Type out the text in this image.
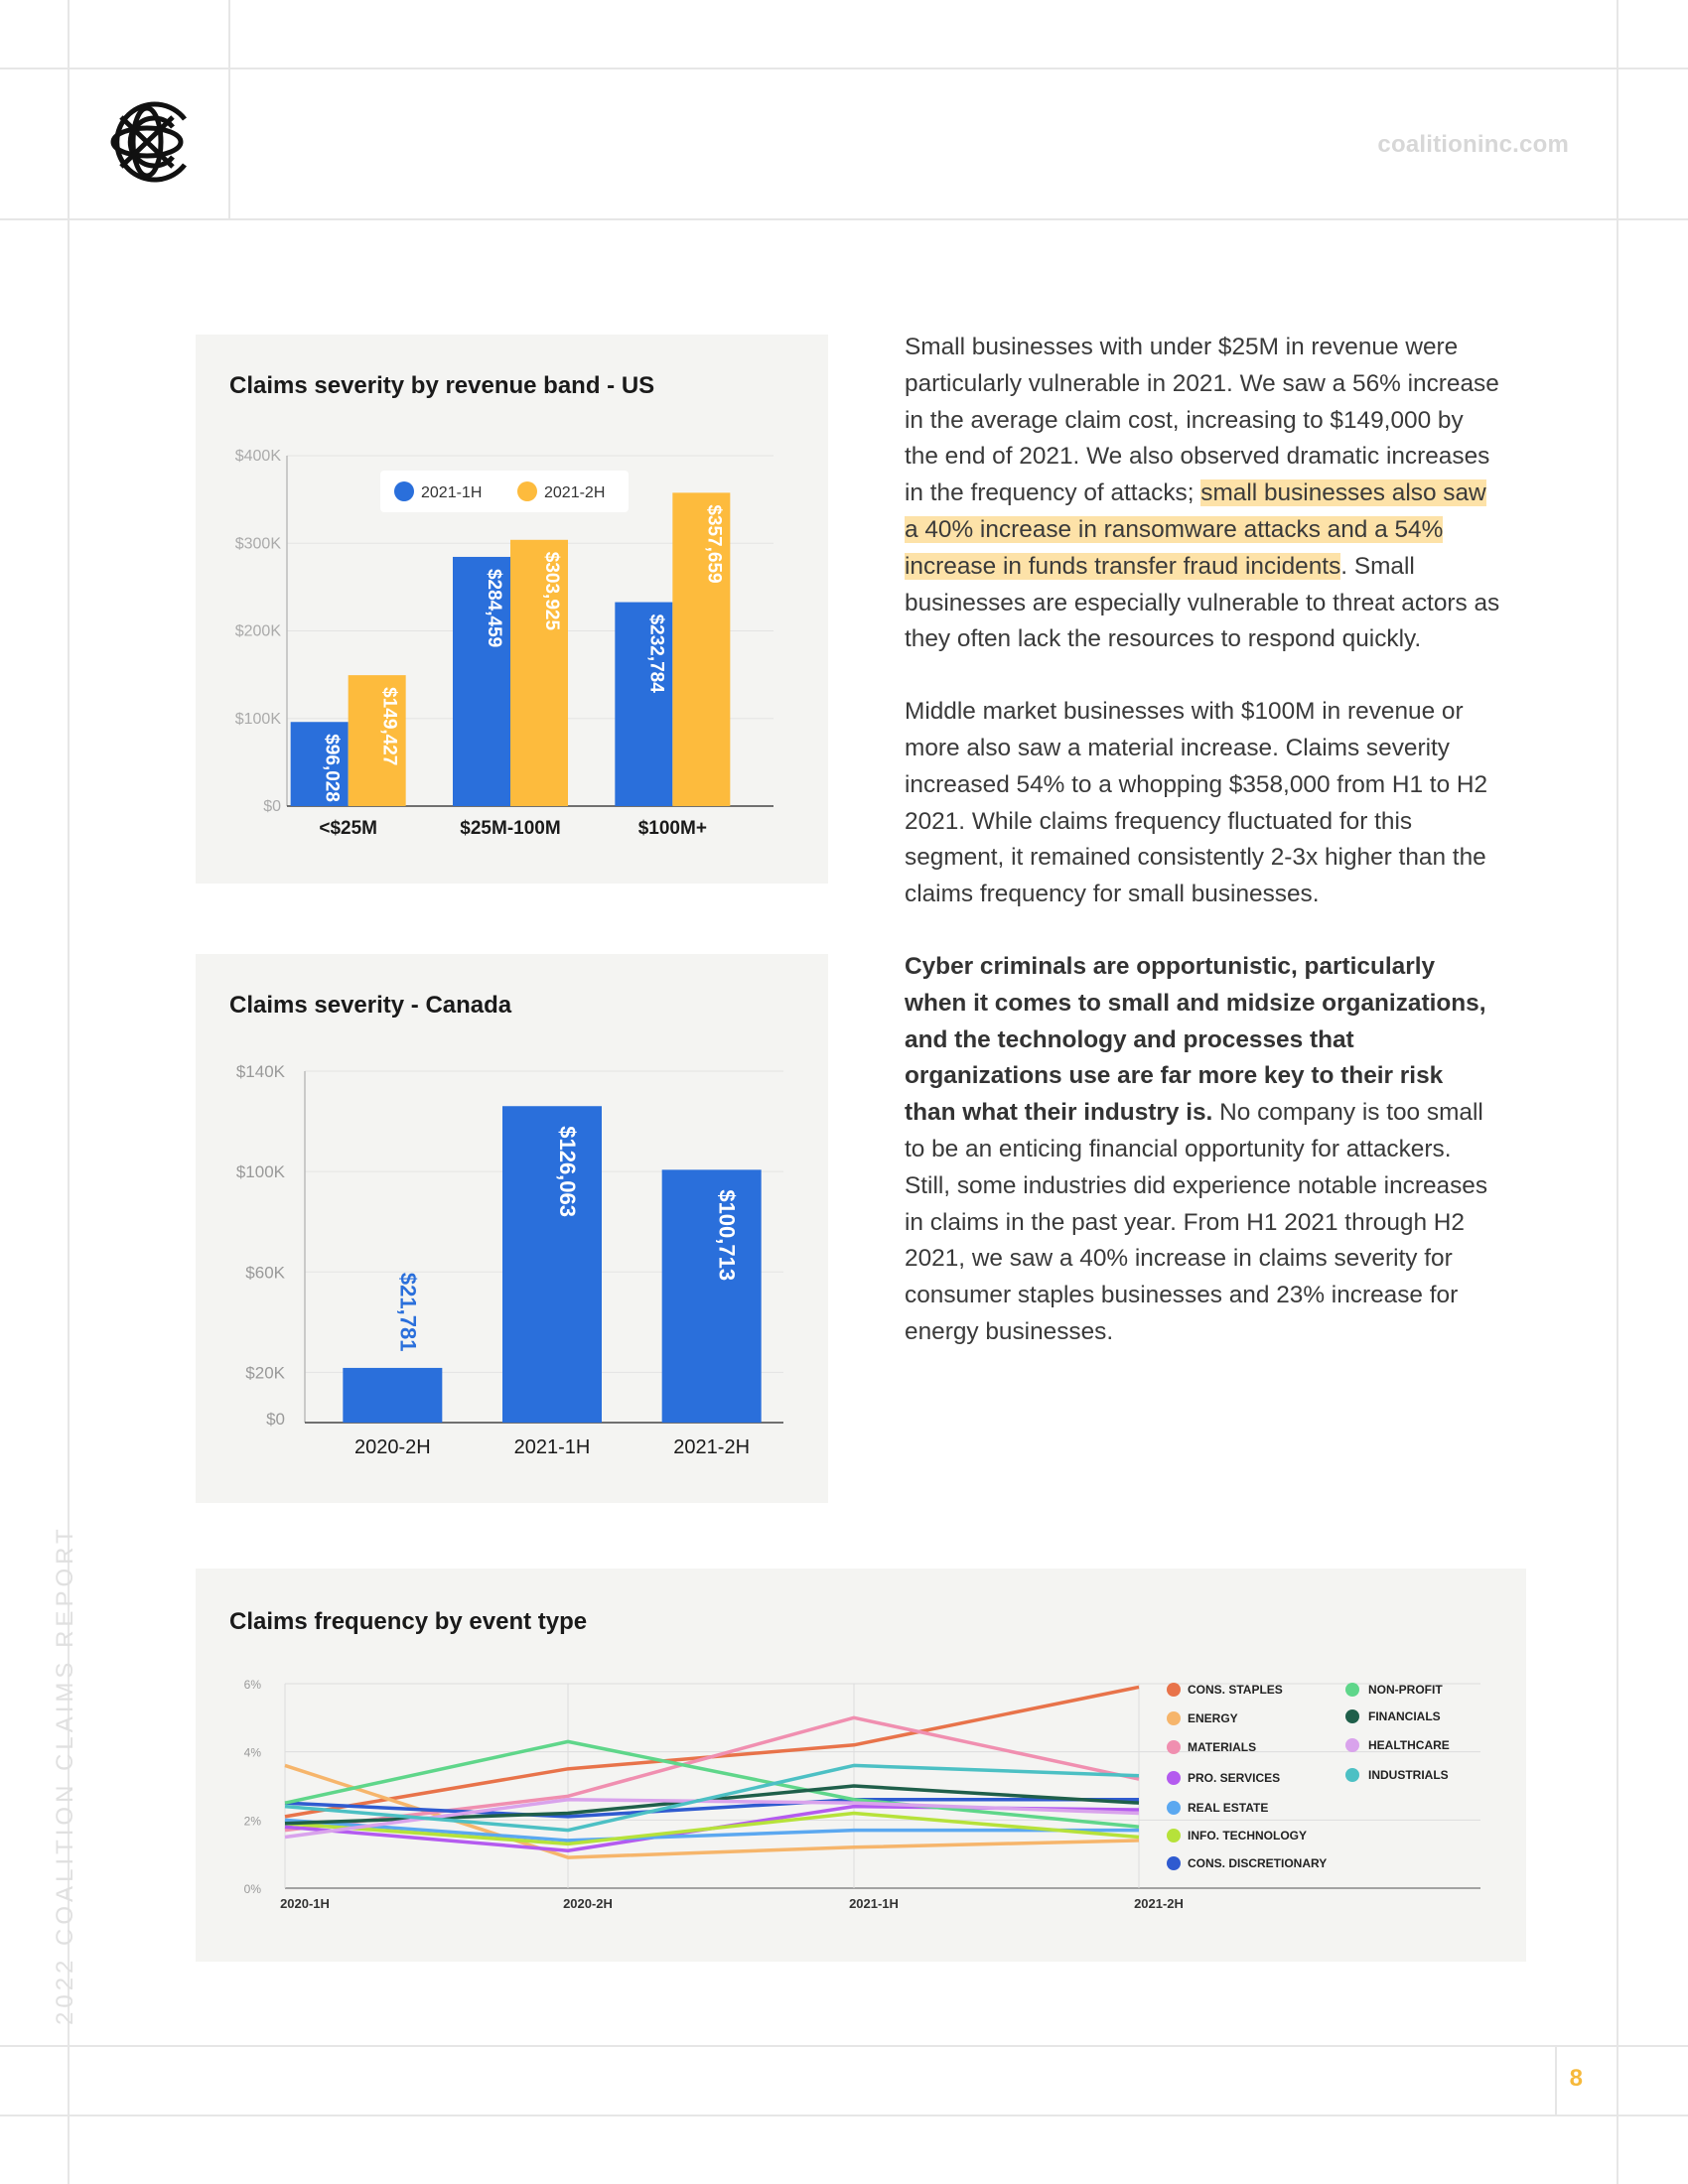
coalitioninc.com
Claims severity by revenue band - US
$0
$100K
$200K
$300K
$400K
$96,028
$149,427
<$25M
$284,459 $303,925
$25M-100M
$232,784
$357,659
$100M+
2021-1H	2021-2H
Claims severity - Canada
$0
$20K
$60K
$100K
$140K
$21,781
2020-2H
$126,063
2021-1H
$100,713
2021-2H
Claims frequency by event type
0%
2%
4%
6%
2020-1H	2020-2H	2021-1H	2021-2H
CONS. STAPLES
ENERGY
MATERIALS
PRO. SERVICES
REAL ESTATE
INFO. TECHNOLOGY
CONS. DISCRETIONARY
NON-PROFIT
FINANCIALS
HEALTHCARE
INDUSTRIALS

Small businesses with under $25M in revenue were particularly vulnerable in 2021. We saw a 56% increase in the average claim cost, increasing to $149,000 by the end of 2021. We also observed dramatic increases in the frequency of attacks; small businesses also saw a 40% increase in ransomware attacks and a 54% increase in funds transfer fraud incidents. Small businesses are especially vulnerable to threat actors as they often lack the resources to respond quickly.

Middle market businesses with $100M in revenue or more also saw a material increase. Claims severity increased 54% to a whopping $358,000 from H1 to H2 2021. While claims frequency fluctuated for this segment, it remained consistently 2-3x higher than the claims frequency for small businesses.

Cyber criminals are opportunistic, particularly when it comes to small and midsize organizations, and the technology and processes that organizations use are far more key to their risk than what their industry is. No company is too small to be an enticing financial opportunity for attackers. Still, some industries did experience notable increases in claims in the past year. From H1 2021 through H2 2021, we saw a 40% increase in claims severity for consumer staples businesses and 23% increase for energy businesses.

2022 COALITION CLAIMS REPORT
8
